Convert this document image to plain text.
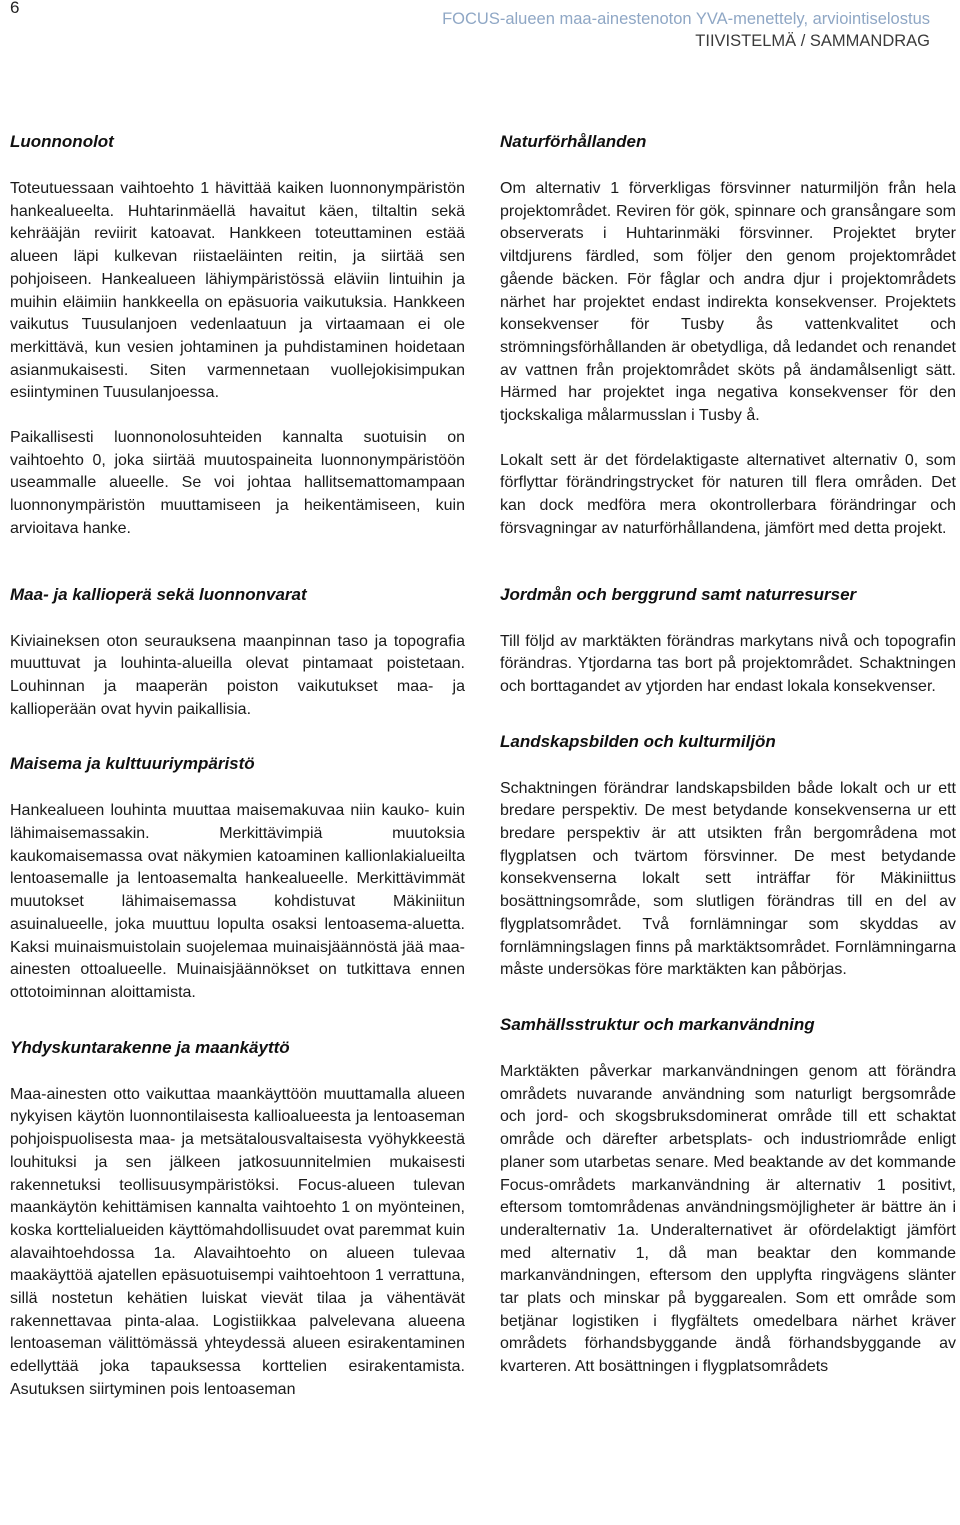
6
FOCUS-alueen maa-ainestenoton YVA-menettely, arviointiselostus
TIIVISTELMÄ / SAMMANDRAG
Luonnonolot

Toteutuessaan vaihtoehto 1 hävittää kaiken luonnonympäristön hankealueelta. Huhtarinmäellä havaitut käen, tiltaltin sekä kehrääjän reviirit katoavat. Hankkeen toteuttaminen estää alueen läpi kulkevan riistaeläinten reitin, ja siirtää sen pohjoiseen. Hankealueen lähiympäristössä eläviin lintuihin ja muihin eläimiin hankkeella on epäsuoria vaikutuksia. Hankkeen vaikutus Tuusulanjoen vedenlaatuun ja virtaamaan ei ole merkittävä, kun vesien johtaminen ja puhdistaminen hoidetaan asianmukaisesti. Siten varmennetaan vuollejokisimpukan esiintyminen Tuusulanjoessa.

Paikallisesti luonnonolosuhteiden kannalta suotuisin on vaihtoehto 0, joka siirtää muutospaineita luonnonympäristöön useammalle alueelle. Se voi johtaa hallitsemattomampaan luonnonympäristön muuttamiseen ja heikentämiseen, kuin arvioitava hanke.

Maa- ja kallioperä sekä luonnonvarat

Kiviaineksen oton seurauksena maanpinnan taso ja topografia muuttuvat ja louhinta-alueilla olevat pintamaat poistetaan. Louhinnan ja maaperän poiston vaikutukset maa- ja kallioperään ovat hyvin paikallisia.

Maisema ja kulttuuriympäristö

Hankealueen louhinta muuttaa maisemakuvaa niin kauko- kuin lähimaisemassakin. Merkittävimpiä muutoksia kaukomaisemassa ovat näkymien katoaminen kallionlakialueilta lentoasemalle ja lentoasemalta hankealueelle. Merkittävimmät muutokset lähimaisemassa kohdistuvat Mäkiniitun asuinalueelle, joka muuttuu lopulta osaksi lentoasema-aluetta. Kaksi muinaismuistolain suojelemaa muinaisjäännöstä jää maa-ainesten ottoalueelle. Muinaisjäännökset on tutkittava ennen ottotoiminnan aloittamista.

Yhdyskuntarakenne ja maankäyttö

Maa-ainesten otto vaikuttaa maankäyttöön muuttamalla alueen nykyisen käytön luonnontilaisesta kallioalueesta ja lentoaseman pohjoispuolisesta maa- ja metsätalousvaltaisesta vyöhykkeestä louhituksi ja sen jälkeen jatkosuunnitelmien mukaisesti rakennetuksi teollisuusympäristöksi. Focus-alueen tulevan maankäytön kehittämisen kannalta vaihtoehto 1 on myönteinen, koska korttelialueiden käyttömahdollisuudet ovat paremmat kuin alavaihtoehdossa 1a. Alavaihtoehto on alueen tulevaa maakäyttöä ajatellen epäsuotuisempi vaihtoehtoon 1 verrattuna, sillä nostetun kehätien luiskat vievät tilaa ja vähentävät rakennettavaa pinta-alaa. Logistiikkaa palvelevana alueena lentoaseman välittömässä yhteydessä alueen esirakentaminen edellyttää joka tapauksessa korttelien esirakentamista. Asutuksen siirtyminen pois lentoaseman

Naturförhållanden

Om alternativ 1 förverkligas försvinner naturmiljön från hela projektområdet. Reviren för gök, spinnare och gransångare som observerats i Huhtarinmäki försvinner. Projektet bryter viltdjurens färdled, som följer den genom projektområdet gående bäcken. För fåglar och andra djur i projektområdets närhet har projektet endast indirekta konsekvenser. Projektets konsekvenser för Tusby ås vattenkvalitet och strömningsförhållanden är obetydliga, då ledandet och renandet av vattnen från projektområdet sköts på ändamålsenligt sätt. Härmed har projektet inga negativa konsekvenser för den tjockskaliga målarmusslan i Tusby å.

Lokalt sett är det fördelaktigaste alternativet alternativ 0, som förflyttar förändringstrycket för naturen till flera områden. Det kan dock medföra mera okontrollerbara förändringar och försvagningar av naturförhållandena, jämfört med detta projekt.

Jordmån och berggrund samt naturresurser

Till följd av marktäkten förändras markytans nivå och topografin förändras. Ytjordarna tas bort på projektområdet. Schaktningen och borttagandet av ytjorden har endast lokala konsekvenser.

Landskapsbilden och kulturmiljön

Schaktningen förändrar landskapsbilden både lokalt och ur ett bredare perspektiv. De mest betydande konsekvenserna ur ett bredare perspektiv är att utsikten från bergområdena mot flygplatsen och tvärtom försvinner. De mest betydande konsekvenserna lokalt sett inträffar för Mäkiniittus bosättningsområde, som slutligen förändras till en del av flygplatsområdet. Två fornlämningar som skyddas av fornlämningslagen finns på marktäktsområdet. Fornlämningarna måste undersökas före marktäkten kan påbörjas.

Samhällsstruktur och markanvändning

Marktäkten påverkar markanvändningen genom att förändra områdets nuvarande användning som naturligt bergsområde och jord- och skogsbruksdominerat område till ett schaktat område och därefter arbetsplats- och industriområde enligt planer som utarbetas senare. Med beaktande av det kommande Focus-områdets markanvändning är alternativ 1 positivt, eftersom tomtområdenas användningsmöjligheter är bättre än i underalternativ 1a. Underalternativet är ofördelaktigt jämfört med alternativ 1, då man beaktar den kommande markanvändningen, eftersom den upplyfta ringvägens slänter tar plats och minskar på byggarealen. Som ett område som betjänar logistiken i flygfältets omedelbara närhet kräver områdets förhandsbyggande ändå förhandsbyggande av kvarteren. Att bosättningen i flygplatsområdets
